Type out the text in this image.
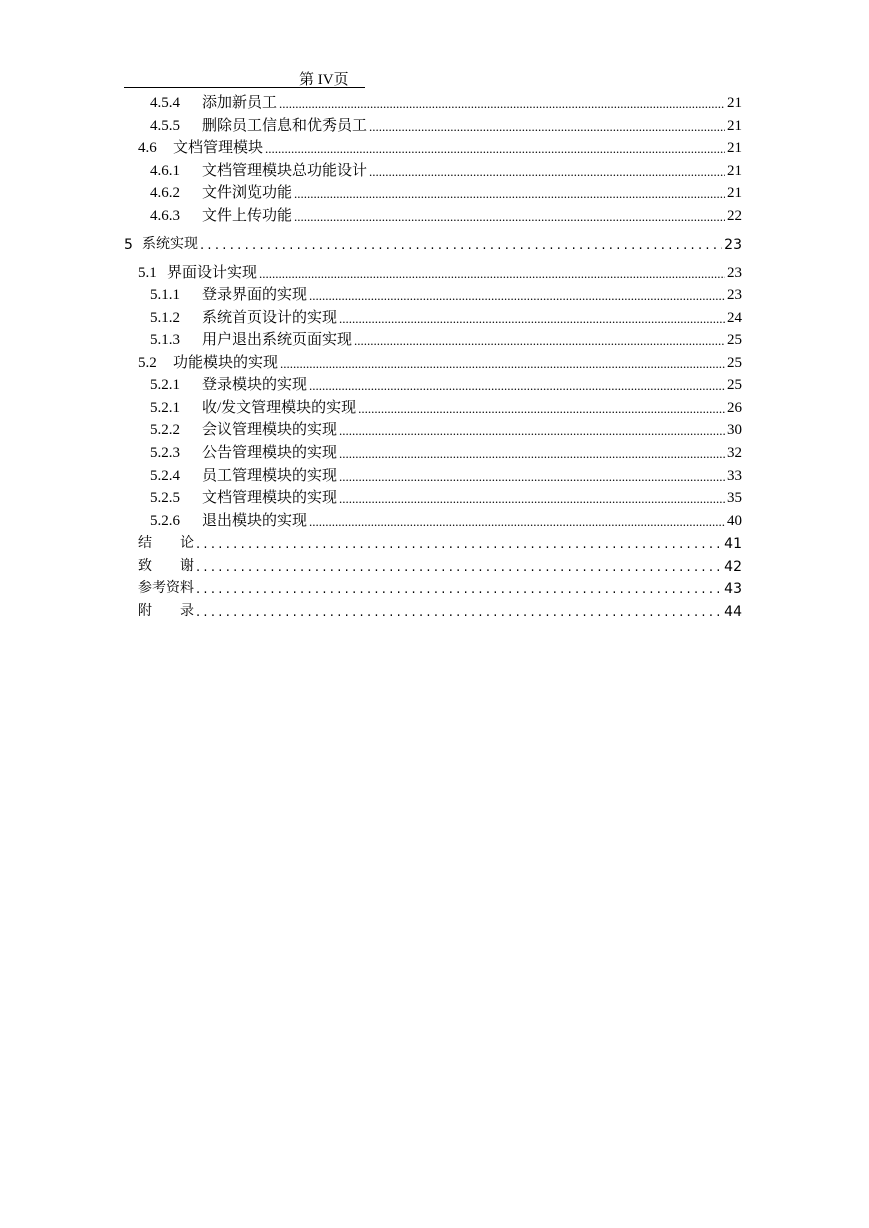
第 IV页
4.5.4	添加新员工 .....	21
4.5.5	删除员工信息和优秀员工 .....	21
4.6	文档管理模块 .....	21
4.6.1	文档管理模块总功能设计 .....	21
4.6.2	文件浏览功能 .....	21
4.6.3	文件上传功能 .....	22
5 系统实现 .....	23
5.1 界面设计实现 .....	23
5.1.1	登录界面的实现 .....	23
5.1.2	系统首页设计的实现 .....	24
5.1.3	用户退出系统页面实现 .....	25
5.2	功能模块的实现 .....	25
5.2.1	登录模块的实现 .....	25
5.2.1	收/发文管理模块的实现 .....	26
5.2.2	会议管理模块的实现 .....	30
5.2.3	公告管理模块的实现 .....	32
5.2.4	员工管理模块的实现 .....	33
5.2.5	文档管理模块的实现 .....	35
5.2.6	退出模块的实现 .....	40
结　　论 .....	41
致　　谢 .....	42
参考资料 .....	43
附　　录 .....	44
